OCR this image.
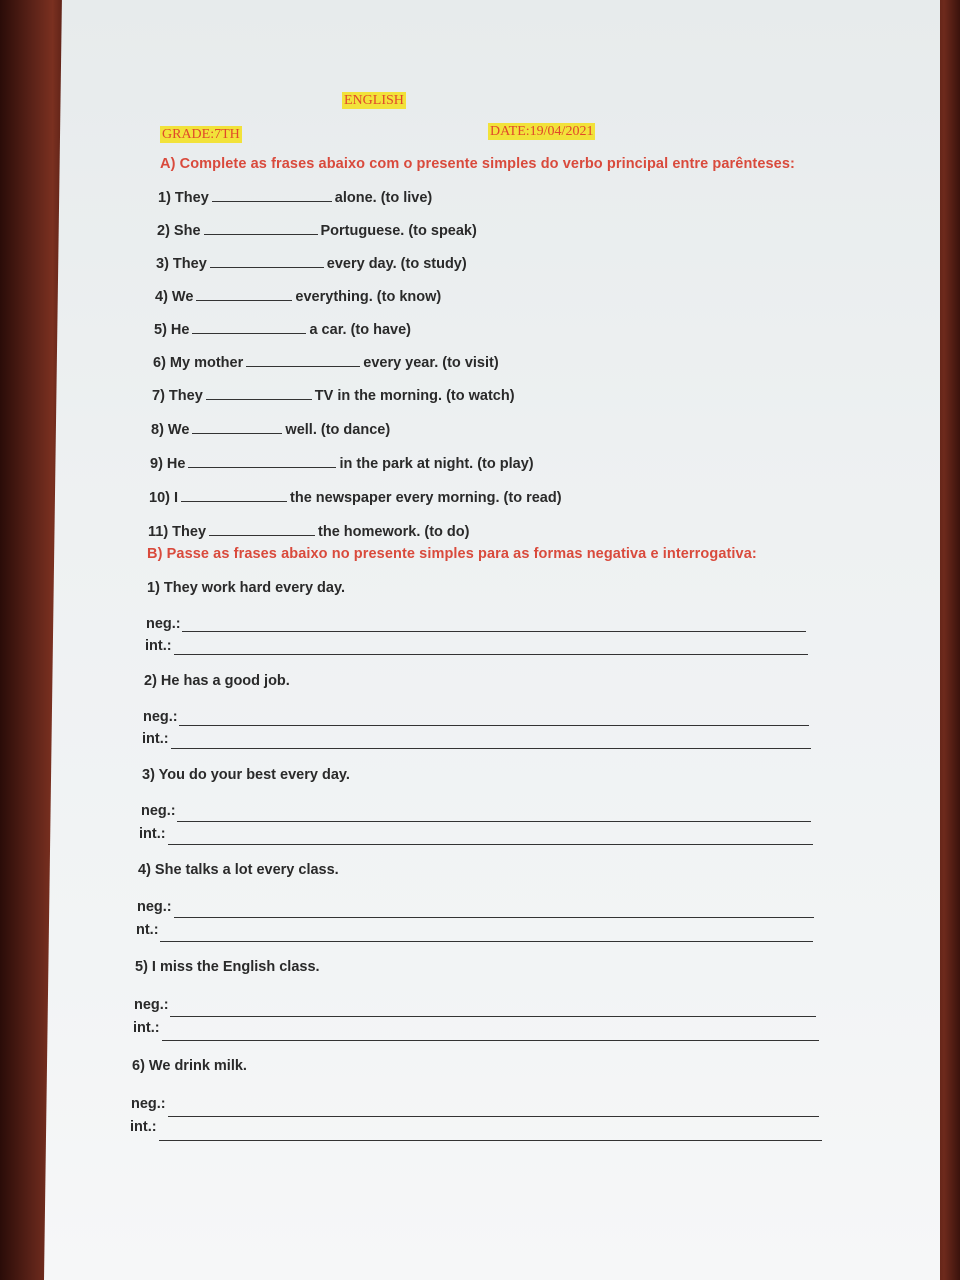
ENGLISH
GRADE:7TH	DATE:19/04/2021
A) Complete as frases abaixo com o presente simples do verbo principal entre parênteses:
1) They	alone. (to live)
2) She	Portuguese. (to speak)
3) They	every day. (to study)
4) We	everything. (to know)
5) He	a car. (to have)
6) My mother	every year. (to visit)
7) They	TV in the morning. (to watch)
8) We	well. (to dance)
9) He	in the park at night. (to play)
10) I	the newspaper every morning. (to read)
11) They	the homework. (to do)
B) Passe as frases abaixo no presente simples para as formas negativa e interrogativa:
1) They work hard every day.
neg.:
int.:
2) He has a good job.
neg.:
int.:
3) You do your best every day.
neg.:
int.:
4) She talks a lot every class.
neg.:
nt.:
5) I miss the English class.
neg.:
int.:
6) We drink milk.
neg.:
int.:
